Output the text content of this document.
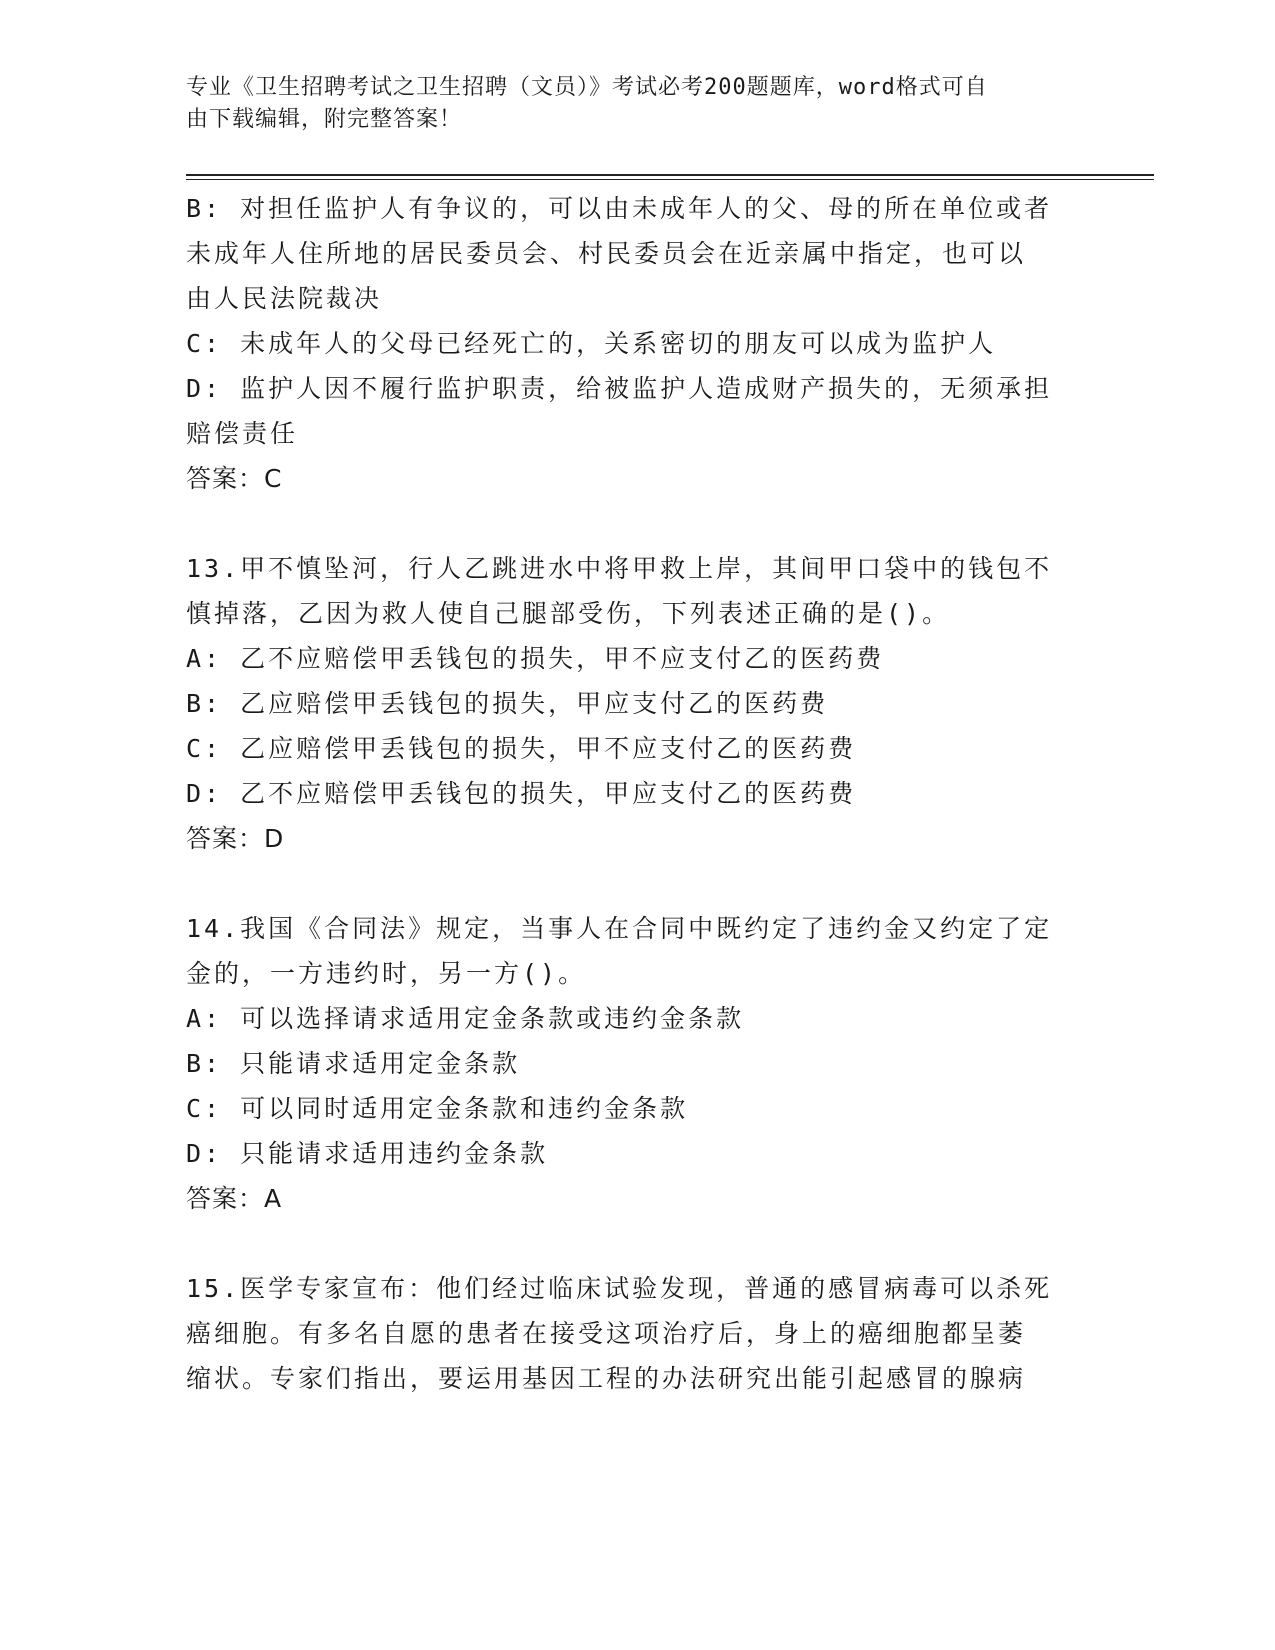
专业《卫生招聘考试之卫生招聘（文员）》考试必考200题题库，word格式可自
由下载编辑，附完整答案！
B: 对担任监护人有争议的，可以由未成年人的父、母的所在单位或者
未成年人住所地的居民委员会、村民委员会在近亲属中指定，也可以
由人民法院裁决
C: 未成年人的父母已经死亡的，关系密切的朋友可以成为监护人
D: 监护人因不履行监护职责，给被监护人造成财产损失的，无须承担
赔偿责任
答案：C
13.甲不慎坠河，行人乙跳进水中将甲救上岸，其间甲口袋中的钱包不
慎掉落，乙因为救人使自己腿部受伤，下列表述正确的是()。
A: 乙不应赔偿甲丢钱包的损失，甲不应支付乙的医药费
B: 乙应赔偿甲丢钱包的损失，甲应支付乙的医药费
C: 乙应赔偿甲丢钱包的损失，甲不应支付乙的医药费
D: 乙不应赔偿甲丢钱包的损失，甲应支付乙的医药费
答案：D
14.我国《合同法》规定，当事人在合同中既约定了违约金又约定了定
金的，一方违约时，另一方()。
A: 可以选择请求适用定金条款或违约金条款
B: 只能请求适用定金条款
C: 可以同时适用定金条款和违约金条款
D: 只能请求适用违约金条款
答案：A
15.医学专家宣布：他们经过临床试验发现，普通的感冒病毒可以杀死
癌细胞。有多名自愿的患者在接受这项治疗后，身上的癌细胞都呈萎
缩状。专家们指出，要运用基因工程的办法研究出能引起感冒的腺病
